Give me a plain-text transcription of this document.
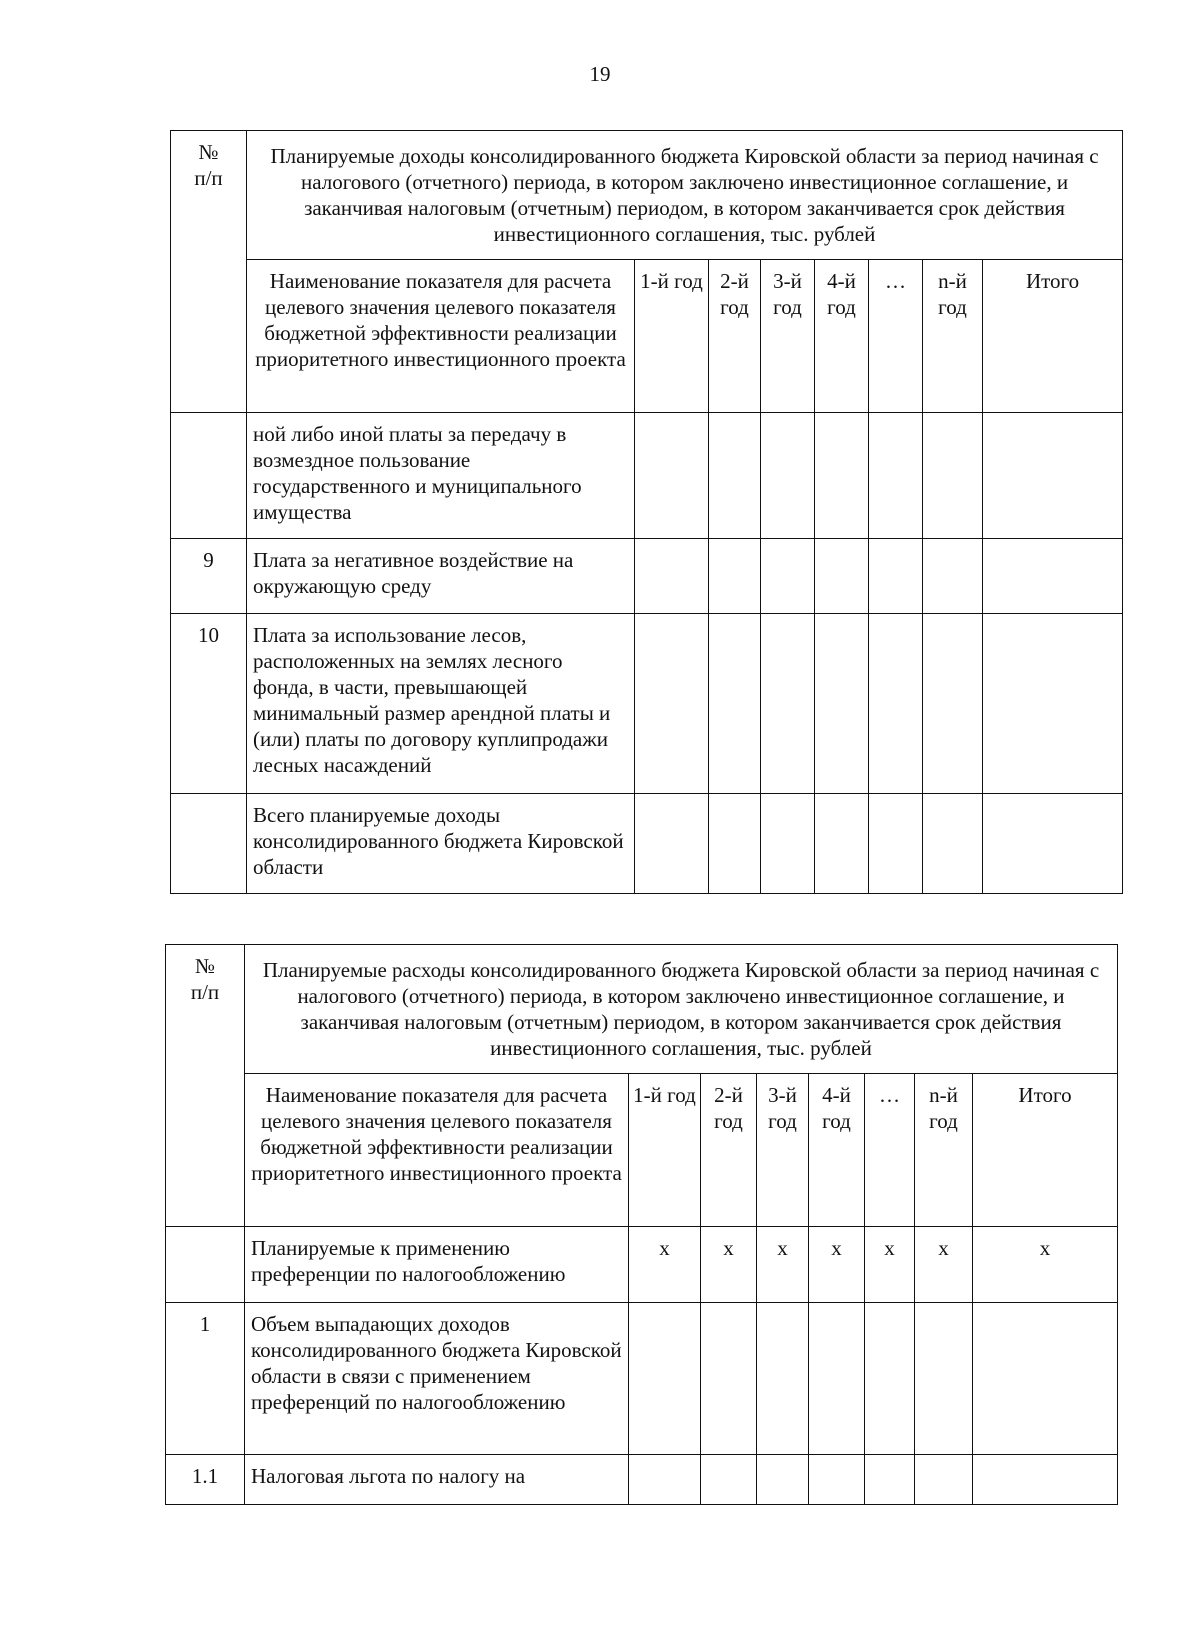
19
№
п/п	Планируемые доходы консолидированного бюджета Кировской области за период начиная с налогового (отчетного) периода, в котором заключено инвестиционное соглашение, и заканчивая налоговым (отчетным) периодом, в котором заканчивается срок действия инвестиционного соглашения, тыс. рублей							
	Наименование показателя для расчета целевого значения целевого показателя бюджетной эффективности реализации приоритетного инвестиционного проекта	1-й год	2-й год	3-й год	4-й год	…	n-й год	Итого
	ной либо иной платы за передачу в возмездное пользование государственного и муниципального имущества							
9	Плата за негативное воздействие на окружающую среду							
10	Плата за использование лесов, расположенных на землях лесного фонда, в части, превышающей минимальный размер арендной платы и (или) платы по договору куплипродажи лесных насаждений							
	Всего планируемые доходы консолидированного бюджета Кировской области							
№
п/п	Планируемые расходы консолидированного бюджета Кировской области за период начиная с налогового (отчетного) периода, в котором заключено инвестиционное соглашение, и заканчивая налоговым (отчетным) периодом, в котором заканчивается срок действия инвестиционного соглашения, тыс. рублей							
	Наименование показателя для расчета целевого значения целевого показателя бюджетной эффективности реализации приоритетного инвестиционного проекта	1-й год	2-й год	3-й год	4-й год	…	n-й год	Итого
	Планируемые к применению преференции по налогообложению	x	x	x	x	x	x	x
1	Объем выпадающих доходов консолидированного бюджета Кировской области в связи с применением преференций по налогообложению							
1.1	Налоговая льгота по налогу на							
